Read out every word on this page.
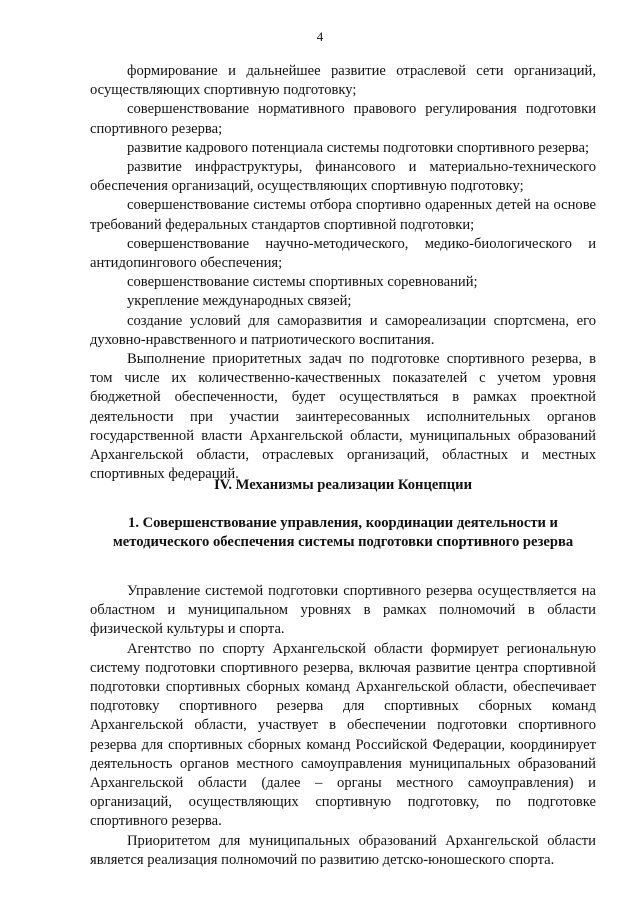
4

формирование и дальнейшее развитие отраслевой сети организаций, осуществляющих спортивную подготовку;

совершенствование нормативного правового регулирования подготовки спортивного резерва;

развитие кадрового потенциала системы подготовки спортивного резерва;

развитие инфраструктуры, финансового и материально-технического обеспечения организаций, осуществляющих спортивную подготовку;

совершенствование системы отбора спортивно одаренных детей на основе требований федеральных стандартов спортивной подготовки;

совершенствование научно-методического, медико-биологического и антидопингового обеспечения;

совершенствование системы спортивных соревнований;

укрепление международных связей;

создание условий для саморазвития и самореализации спортсмена, его духовно-нравственного и патриотического воспитания.

Выполнение приоритетных задач по подготовке спортивного резерва, в том числе их количественно-качественных показателей с учетом уровня бюджетной обеспеченности, будет осуществляться в рамках проектной деятельности при участии заинтересованных исполнительных органов государственной власти Архангельской области, муниципальных образований Архангельской области, отраслевых организаций, областных и местных спортивных федераций.

IV. Механизмы реализации Концепции

1. Совершенствование управления, координации деятельности и методического обеспечения системы подготовки спортивного резерва

Управление системой подготовки спортивного резерва осуществляется на областном и муниципальном уровнях в рамках полномочий в области физической культуры и спорта.

Агентство по спорту Архангельской области формирует региональную систему подготовки спортивного резерва, включая развитие центра спортивной подготовки спортивных сборных команд Архангельской области, обеспечивает подготовку спортивного резерва для спортивных сборных команд Архангельской области, участвует в обеспечении подготовки спортивного резерва для спортивных сборных команд Российской Федерации, координирует деятельность органов местного самоуправления муниципальных образований Архангельской области (далее – органы местного самоуправления) и организаций, осуществляющих спортивную подготовку, по подготовке спортивного резерва.

Приоритетом для муниципальных образований Архангельской области является реализация полномочий по развитию детско-юношеского спорта.
